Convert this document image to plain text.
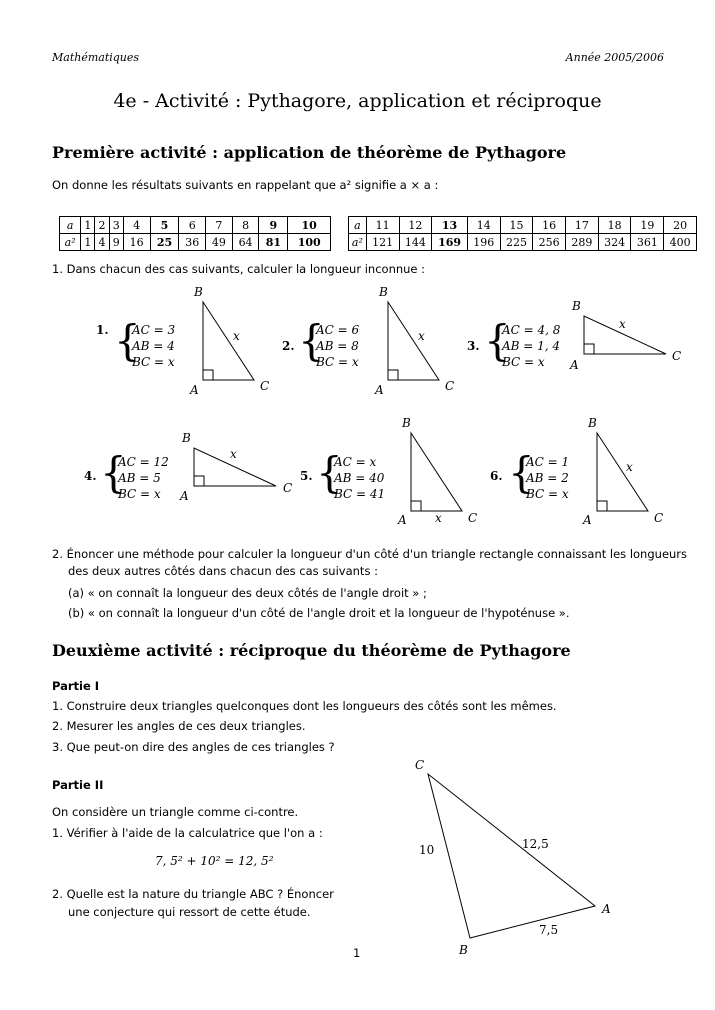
Mathématiques	Année 2005/2006
4e - Activité : Pythagore, application et réciproque
Première activité : application de théorème de Pythagore
On donne les résultats suivants en rappelant que a² signifie a × a :
a	1	2	3	4	5	6	7	8	9	10
a²	1	4	9	16	25	36	49	64	81	100
a	11	12	13	14	15	16	17	18	19	20
a²	121	144	169	196	225	256	289	324	361	400
1. Dans chacun des cas suivants, calculer la longueur inconnue :
1. {
AC = 3
AB = 4
BC = x
2. {
AC = 6
AB = 8
BC = x
3. {
AC = 4, 8
AB = 1, 4
BC = x
4. {
AC = 12
AB = 5
BC = x
5. {
AC = x
AB = 40
BC = 41
6. {
AC = 1
AB = 2
BC = x
B
A	C
x
B
A	C
x
B
A
C
x
B
A
C
x
B
A	C
x
B
A	C
x
C
A
B
10	12,5
7,5
2. Énoncer une méthode pour calculer la longueur d'un côté d'un triangle rectangle connaissant les longueurs
des deux autres côtés dans chacun des cas suivants :
(a) « on connaît la longueur des deux côtés de l'angle droit » ;
(b) « on connaît la longueur d'un côté de l'angle droit et la longueur de l'hypoténuse ».
Deuxième activité : réciproque du théorème de Pythagore
Partie I
1. Construire deux triangles quelconques dont les longueurs des côtés sont les mêmes.
2. Mesurer les angles de ces deux triangles.
3. Que peut-on dire des angles de ces triangles ?
Partie II
On considère un triangle comme ci-contre.
1. Vérifier à l'aide de la calculatrice que l'on a :
7, 5² + 10² = 12, 5²
2. Quelle est la nature du triangle ABC ? Énoncer
une conjecture qui ressort de cette étude.
1
